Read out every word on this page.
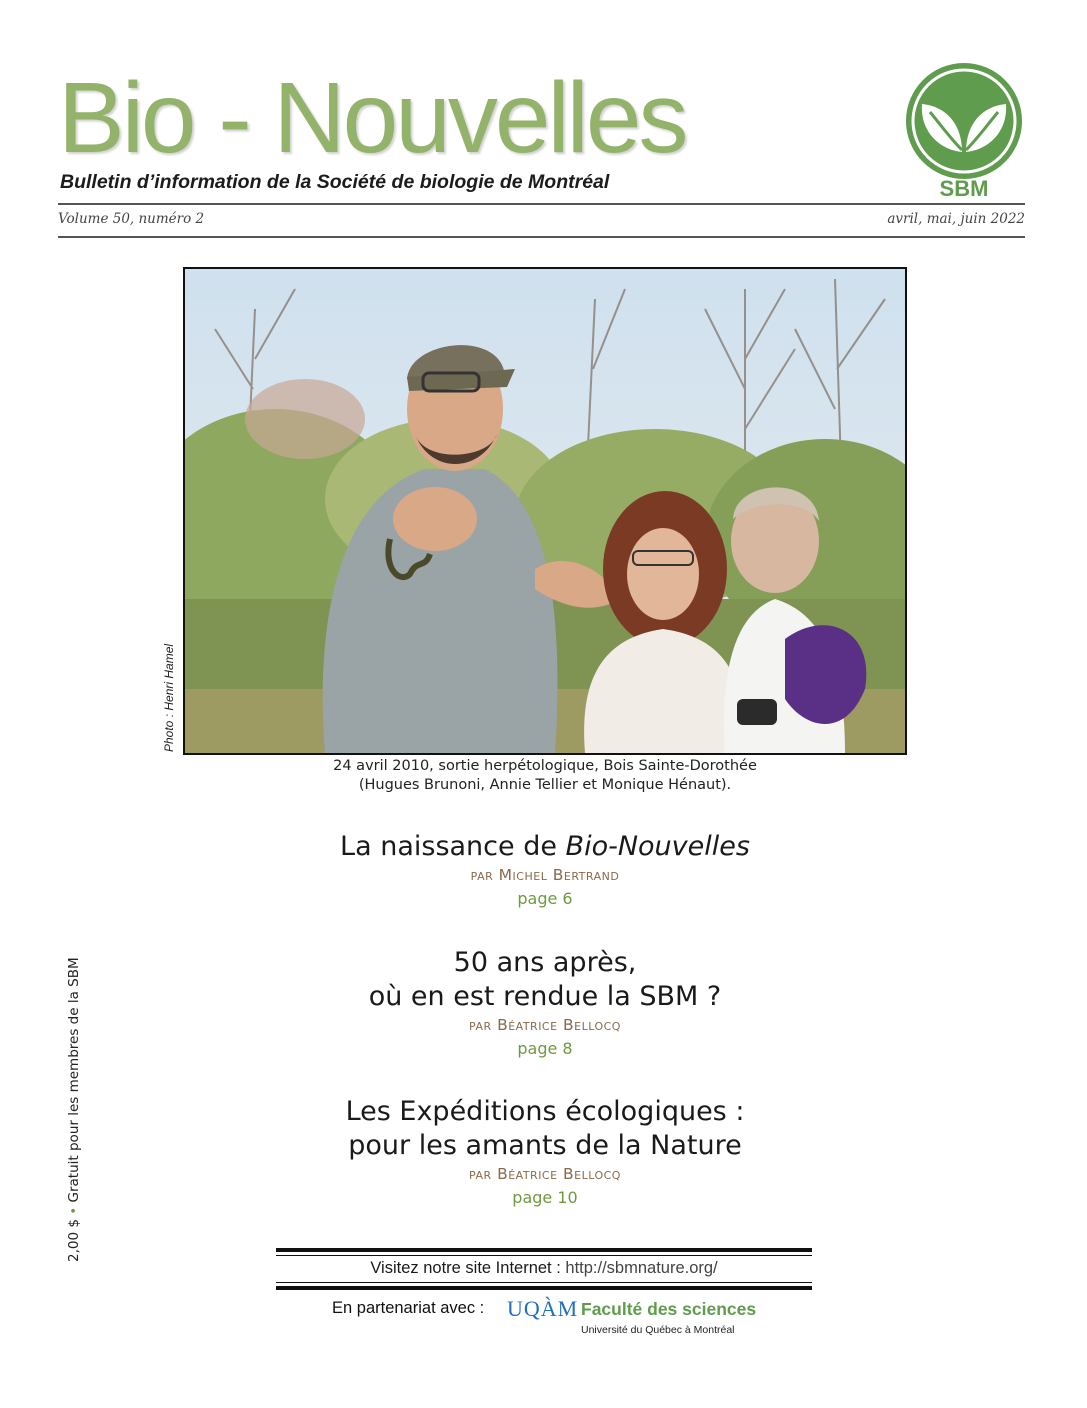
Bio - Nouvelles
Bulletin d’information de la Société de biologie de Montréal	SBM
Volume 50, numéro 2	avril, mai, juin 2022
Photo : Henri Hamel
24 avril 2010, sortie herpétologique, Bois Sainte-Dorothée
(Hugues Brunoni, Annie Tellier et Monique Hénaut).
La naissance de Bio-Nouvelles
par Michel Bertrand
page 6
50 ans après,
où en est rendue la SBM ?
par Béatrice Bellocq
page 8
Les Expéditions écologiques :
pour les amants de la Nature
par Béatrice Bellocq
page 10
2,00 $ • Gratuit pour les membres de la SBM
Visitez notre site Internet : http://sbmnature.org/
En partenariat avec : UQÀM Faculté des sciences
Université du Québec à Montréal
